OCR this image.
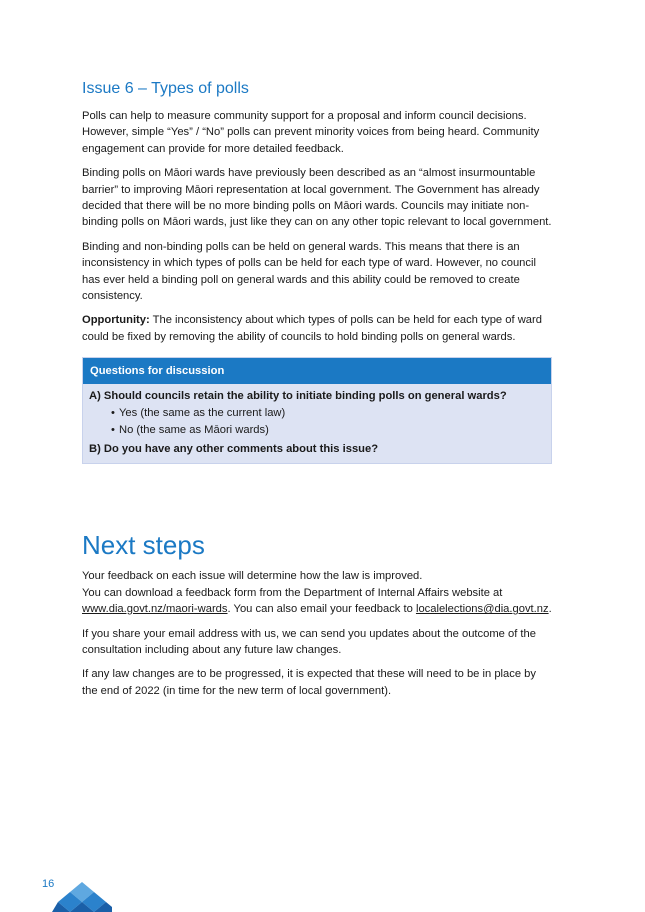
Issue 6 – Types of polls

Polls can help to measure community support for a proposal and inform council decisions. However, simple “Yes” / “No” polls can prevent minority voices from being heard. Community engagement can provide for more detailed feedback.

Binding polls on Māori wards have previously been described as an “almost insurmountable barrier” to improving Māori representation at local government. The Government has already decided that there will be no more binding polls on Māori wards. Councils may initiate non-binding polls on Māori wards, just like they can on any other topic relevant to local government.

Binding and non-binding polls can be held on general wards. This means that there is an inconsistency in which types of polls can be held for each type of ward. However, no council has ever held a binding poll on general wards and this ability could be removed to create consistency.

Opportunity: The inconsistency about which types of polls can be held for each type of ward could be fixed by removing the ability of councils to hold binding polls on general wards.

Questions for discussion

A) Should councils retain the ability to initiate binding polls on general wards?

• Yes (the same as the current law)
• No (the same as Māori wards)

B) Do you have any other comments about this issue?

Next steps

Your feedback on each issue will determine how the law is improved.
You can download a feedback form from the Department of Internal Affairs website at www.dia.govt.nz/maori-wards. You can also email your feedback to localelections@dia.govt.nz.

If you share your email address with us, we can send you updates about the outcome of the consultation including about any future law changes.

If any law changes are to be progressed, it is expected that these will need to be in place by the end of 2022 (in time for the new term of local government).

16
